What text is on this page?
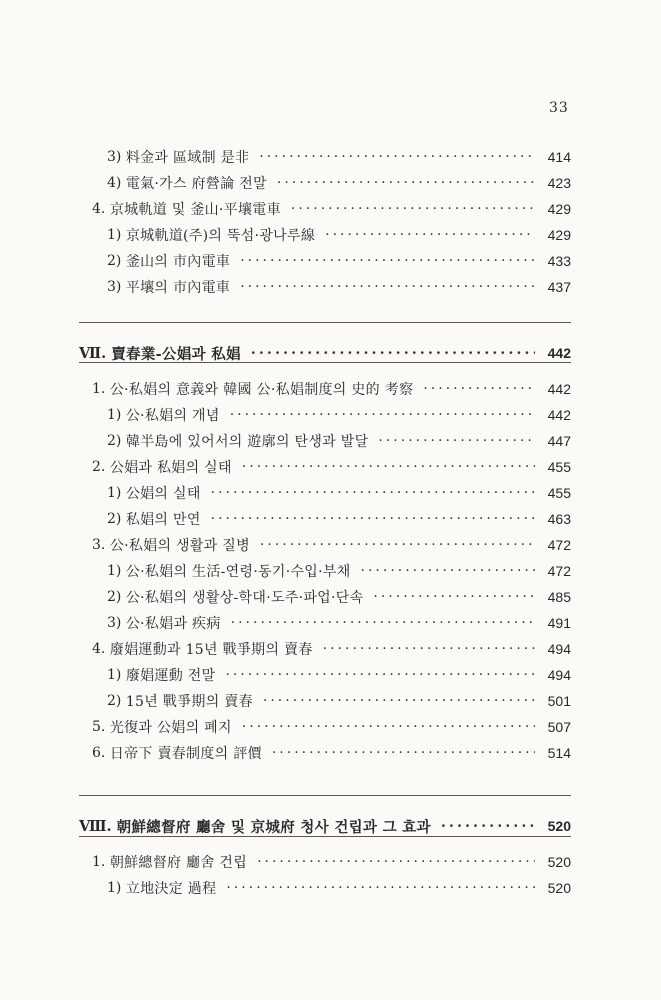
33
3) 料金과 區域制 是非 ·····	414
4) 電氣·가스 府營論 전말 ·····	423
4. 京城軌道 및 釜山·平壤電車 ·····	429
1) 京城軌道(주)의 뚝섬·광나루線 ·····	429
2) 釜山의 市內電車 ·····	433
3) 平壤의 市內電車 ·····	437
Ⅶ. 賣春業-公娼과 私娼 ·····	442
1. 公·私娼의 意義와 韓國 公·私娼制度의 史的 考察 ·····	442
1) 公·私娼의 개념 ·····	442
2) 韓半島에 있어서의 遊廓의 탄생과 발달 ·····	447
2. 公娼과 私娼의 실태 ·····	455
1) 公娼의 실태 ·····	455
2) 私娼의 만연 ·····	463
3. 公·私娼의 생활과 질병 ·····	472
1) 公·私娼의 生活-연령·동기·수입·부채 ·····	472
2) 公·私娼의 생활상-학대·도주·파업·단속 ·····	485
3) 公·私娼과 疾病 ·····	491
4. 廢娼運動과 15년 戰爭期의 賣春 ·····	494
1) 廢娼運動 전말 ·····	494
2) 15년 戰爭期의 賣春 ·····	501
5. 光復과 公娼의 폐지 ·····	507
6. 日帝下 賣春制度의 評價 ·····	514
Ⅷ. 朝鮮總督府 廳舍 및 京城府 청사 건립과 그 효과 ·····	520
1. 朝鮮總督府 廳舍 건립 ·····	520
1) 立地決定 過程 ·····	520
